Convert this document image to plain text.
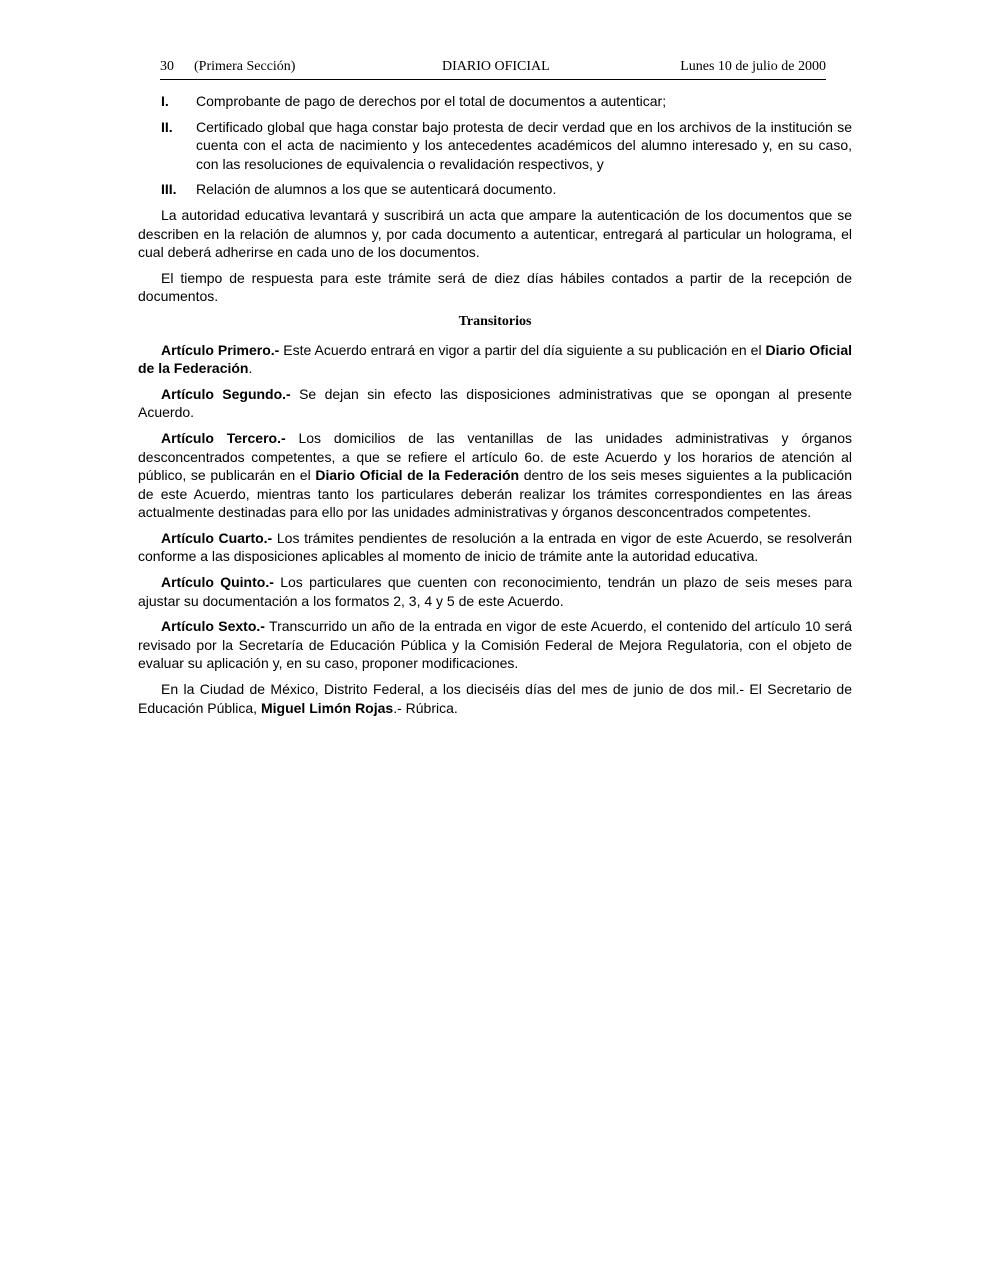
30 (Primera Sección)	DIARIO OFICIAL	Lunes 10 de julio de 2000
I. Comprobante de pago de derechos por el total de documentos a autenticar;
II. Certificado global que haga constar bajo protesta de decir verdad que en los archivos de la institución se cuenta con el acta de nacimiento y los antecedentes académicos del alumno interesado y, en su caso, con las resoluciones de equivalencia o revalidación respectivos, y
III. Relación de alumnos a los que se autenticará documento.

La autoridad educativa levantará y suscribirá un acta que ampare la autenticación de los documentos que se describen en la relación de alumnos y, por cada documento a autenticar, entregará al particular un holograma, el cual deberá adherirse en cada uno de los documentos.

El tiempo de respuesta para este trámite será de diez días hábiles contados a partir de la recepción de documentos.

Transitorios

Artículo Primero.- Este Acuerdo entrará en vigor a partir del día siguiente a su publicación en el Diario Oficial de la Federación.

Artículo Segundo.- Se dejan sin efecto las disposiciones administrativas que se opongan al presente Acuerdo.

Artículo Tercero.- Los domicilios de las ventanillas de las unidades administrativas y órganos desconcentrados competentes, a que se refiere el artículo 6o. de este Acuerdo y los horarios de atención al público, se publicarán en el Diario Oficial de la Federación dentro de los seis meses siguientes a la publicación de este Acuerdo, mientras tanto los particulares deberán realizar los trámites correspondientes en las áreas actualmente destinadas para ello por las unidades administrativas y órganos desconcentrados competentes.

Artículo Cuarto.- Los trámites pendientes de resolución a la entrada en vigor de este Acuerdo, se resolverán conforme a las disposiciones aplicables al momento de inicio de trámite ante la autoridad educativa.

Artículo Quinto.- Los particulares que cuenten con reconocimiento, tendrán un plazo de seis meses para ajustar su documentación a los formatos 2, 3, 4 y 5 de este Acuerdo.

Artículo Sexto.- Transcurrido un año de la entrada en vigor de este Acuerdo, el contenido del artículo 10 será revisado por la Secretaría de Educación Pública y la Comisión Federal de Mejora Regulatoria, con el objeto de evaluar su aplicación y, en su caso, proponer modificaciones.

En la Ciudad de México, Distrito Federal, a los dieciséis días del mes de junio de dos mil.- El Secretario de Educación Pública, Miguel Limón Rojas.- Rúbrica.
